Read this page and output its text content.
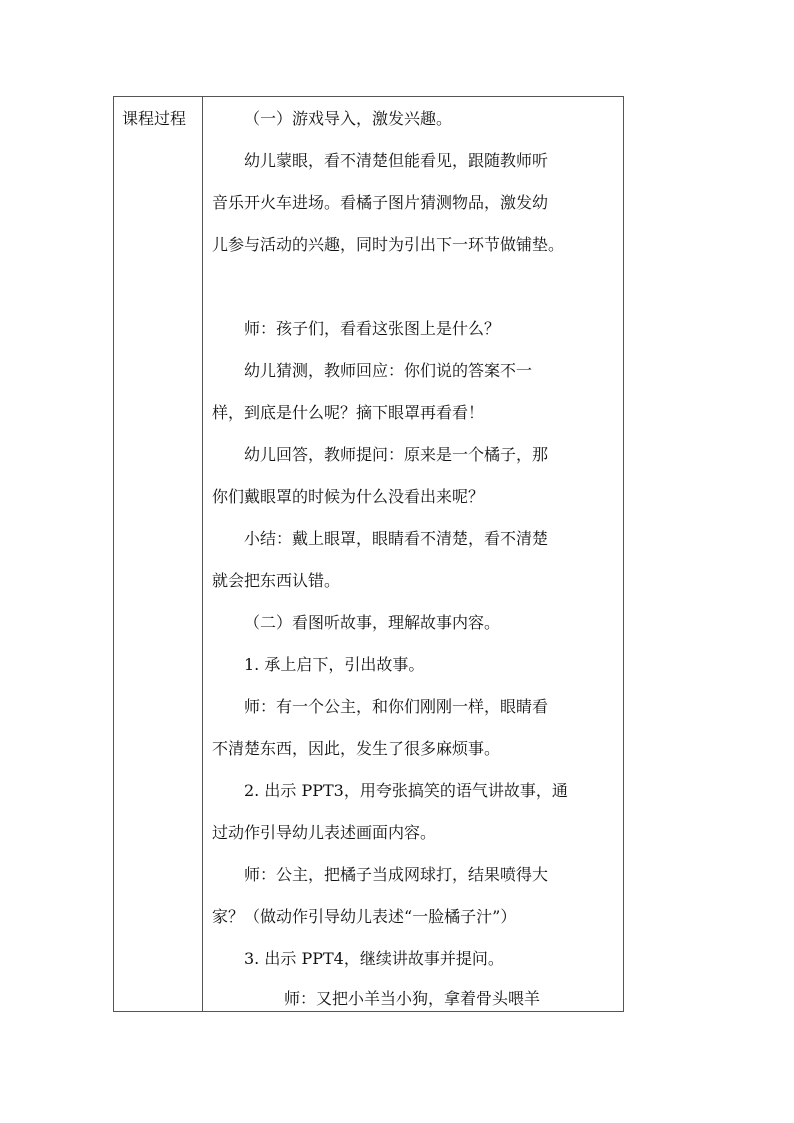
课程过程	（一）游戏导入，激发兴趣。
幼儿蒙眼，看不清楚但能看见，跟随教师听
音乐开火车进场。看橘子图片猜测物品，激发幼
儿参与活动的兴趣，同时为引出下一环节做铺垫。
师：孩子们，看看这张图上是什么？
幼儿猜测，教师回应：你们说的答案不一
样，到底是什么呢？摘下眼罩再看看！
幼儿回答，教师提问：原来是一个橘子，那
你们戴眼罩的时候为什么没看出来呢？
小结：戴上眼罩，眼睛看不清楚，看不清楚
就会把东西认错。
（二）看图听故事，理解故事内容。
1. 承上启下，引出故事。
师：有一个公主，和你们刚刚一样，眼睛看
不清楚东西，因此，发生了很多麻烦事。
2. 出示 PPT3，用夸张搞笑的语气讲故事，通
过动作引导幼儿表述画面内容。
师：公主，把橘子当成网球打，结果喷得大
家？（做动作引导幼儿表述“一脸橘子汁”）
3. 出示 PPT4，继续讲故事并提问。
师：又把小羊当小狗，拿着骨头喂羊
